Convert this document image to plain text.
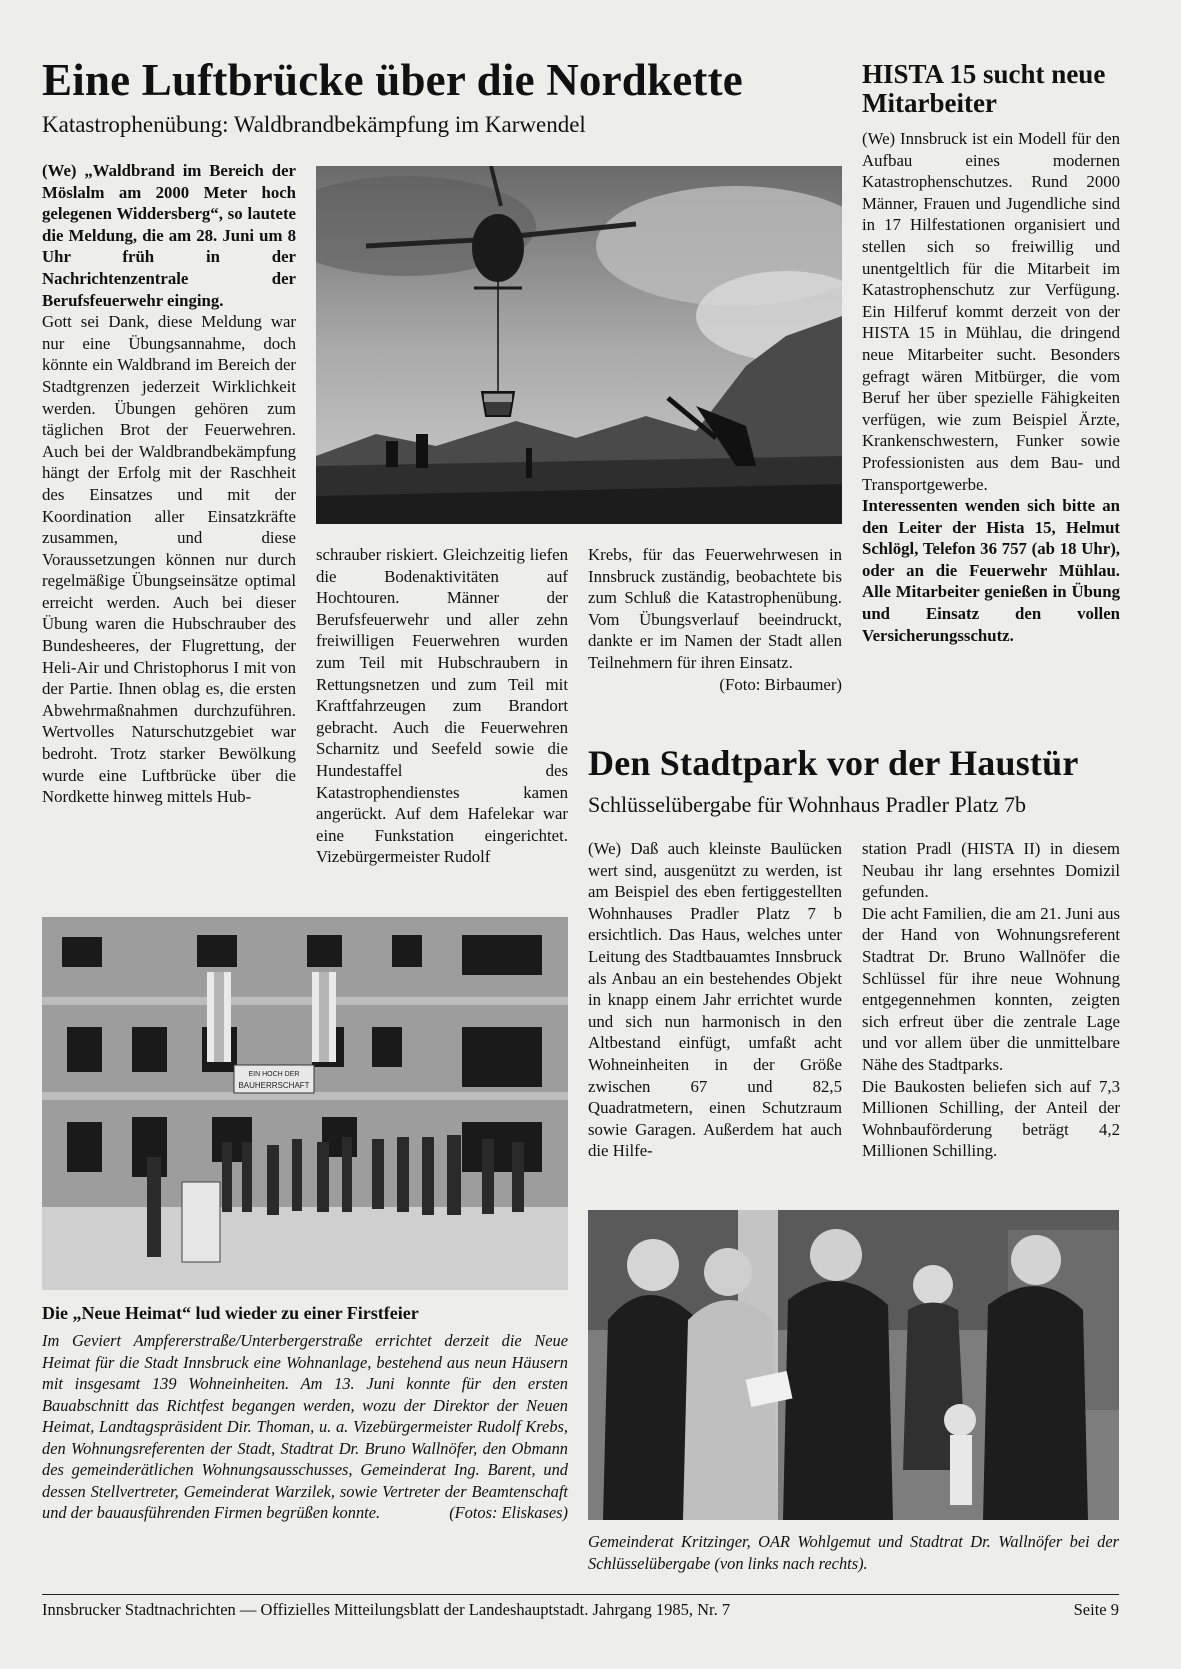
Eine Luftbrücke über die Nordkette
Katastrophenübung: Waldbrandbekämpfung im Karwendel

(We) „Waldbrand im Bereich der Möslalm am 2000 Meter hoch gelegenen Widdersberg“, so lautete die Meldung, die am 28. Juni um 8 Uhr früh in der Nachrichtenzentrale der Berufsfeuerwehr einging.

Gott sei Dank, diese Meldung war nur eine Übungsannahme, doch könnte ein Waldbrand im Bereich der Stadtgrenzen jederzeit Wirklichkeit werden. Übungen gehören zum täglichen Brot der Feuerwehren. Auch bei der Waldbrandbekämpfung hängt der Erfolg mit der Raschheit des Einsatzes und mit der Koordination aller Einsatzkräfte zusammen, und diese Voraussetzungen können nur durch regelmäßige Übungseinsätze optimal erreicht werden. Auch bei dieser Übung waren die Hubschrauber des Bundesheeres, der Flugrettung, der Heli-Air und Christophorus I mit von der Partie. Ihnen oblag es, die ersten Abwehrmaßnahmen durchzuführen. Wertvolles Naturschutzgebiet war bedroht. Trotz starker Bewölkung wurde eine Luftbrücke über die Nordkette hinweg mittels Hub-

schrauber riskiert. Gleichzeitig liefen die Bodenaktivitäten auf Hochtouren. Männer der Berufsfeuerwehr und aller zehn freiwilligen Feuerwehren wurden zum Teil mit Hubschraubern in Rettungsnetzen und zum Teil mit Kraftfahrzeugen zum Brandort gebracht. Auch die Feuerwehren Scharnitz und Seefeld sowie die Hundestaffel des Katastrophendienstes kamen angerückt. Auf dem Hafelekar war eine Funkstation eingerichtet. Vizebürgermeister Rudolf

Krebs, für das Feuerwehrwesen in Innsbruck zuständig, beobachtete bis zum Schluß die Katastrophenübung. Vom Übungsverlauf beeindruckt, dankte er im Namen der Stadt allen Teilnehmern für ihren Einsatz.
(Foto: Birbaumer)

HISTA 15 sucht neue Mitarbeiter

(We) Innsbruck ist ein Modell für den Aufbau eines modernen Katastrophenschutzes. Rund 2000 Männer, Frauen und Jugendliche sind in 17 Hilfestationen organisiert und stellen sich so freiwillig und unentgeltlich für die Mitarbeit im Katastrophenschutz zur Verfügung. Ein Hilferuf kommt derzeit von der HISTA 15 in Mühlau, die dringend neue Mitarbeiter sucht. Besonders gefragt wären Mitbürger, die vom Beruf her über spezielle Fähigkeiten verfügen, wie zum Beispiel Ärzte, Krankenschwestern, Funker sowie Professionisten aus dem Bau- und Transportgewerbe.

Interessenten wenden sich bitte an den Leiter der Hista 15, Helmut Schlögl, Telefon 36 757 (ab 18 Uhr), oder an die Feuerwehr Mühlau. Alle Mitarbeiter genießen in Übung und Einsatz den vollen Versicherungsschutz.

Den Stadtpark vor der Haustür
Schlüsselübergabe für Wohnhaus Pradler Platz 7b

(We) Daß auch kleinste Baulücken wert sind, ausgenützt zu werden, ist am Beispiel des eben fertiggestellten Wohnhauses Pradler Platz 7 b ersichtlich. Das Haus, welches unter Leitung des Stadtbauamtes Innsbruck als Anbau an ein bestehendes Objekt in knapp einem Jahr errichtet wurde und sich nun harmonisch in den Altbestand einfügt, umfaßt acht Wohneinheiten in der Größe zwischen 67 und 82,5 Quadratmetern, einen Schutzraum sowie Garagen. Außerdem hat auch die Hilfe-

station Pradl (HISTA II) in diesem Neubau ihr lang ersehntes Domizil gefunden.

Die acht Familien, die am 21. Juni aus der Hand von Wohnungsreferent Stadtrat Dr. Bruno Wallnöfer die Schlüssel für ihre neue Wohnung entgegennehmen konnten, zeigten sich erfreut über die zentrale Lage und vor allem über die unmittelbare Nähe des Stadtparks.

Die Baukosten beliefen sich auf 7,3 Millionen Schilling, der Anteil der Wohnbauförderung beträgt 4,2 Millionen Schilling.

EIN HOCH DER
BAUHERRSCHAFT
Die „Neue Heimat“ lud wieder zu einer Firstfeier
Im Geviert Ampfererstraße/Unterbergerstraße errichtet derzeit die Neue Heimat für die Stadt Innsbruck eine Wohnanlage, bestehend aus neun Häusern mit insgesamt 139 Wohneinheiten. Am 13. Juni konnte für den ersten Bauabschnitt das Richtfest begangen werden, wozu der Direktor der Neuen Heimat, Landtagspräsident Dir. Thoman, u. a. Vizebürgermeister Rudolf Krebs, den Wohnungsreferenten der Stadt, Stadtrat Dr. Bruno Wallnöfer, den Obmann des gemeinderätlichen Wohnungsausschusses, Gemeinderat Ing. Barent, und dessen Stellvertreter, Gemeinderat Warzilek, sowie Vertreter der Beamtenschaft und der bauausführenden Firmen begrüßen konnte.	(Fotos: Eliskases)
Gemeinderat Kritzinger, OAR Wohlgemut und Stadtrat Dr. Wallnöfer bei der Schlüsselübergabe (von links nach rechts).
Innsbrucker Stadtnachrichten — Offizielles Mitteilungsblatt der Landeshauptstadt. Jahrgang 1985, Nr. 7	Seite 9
